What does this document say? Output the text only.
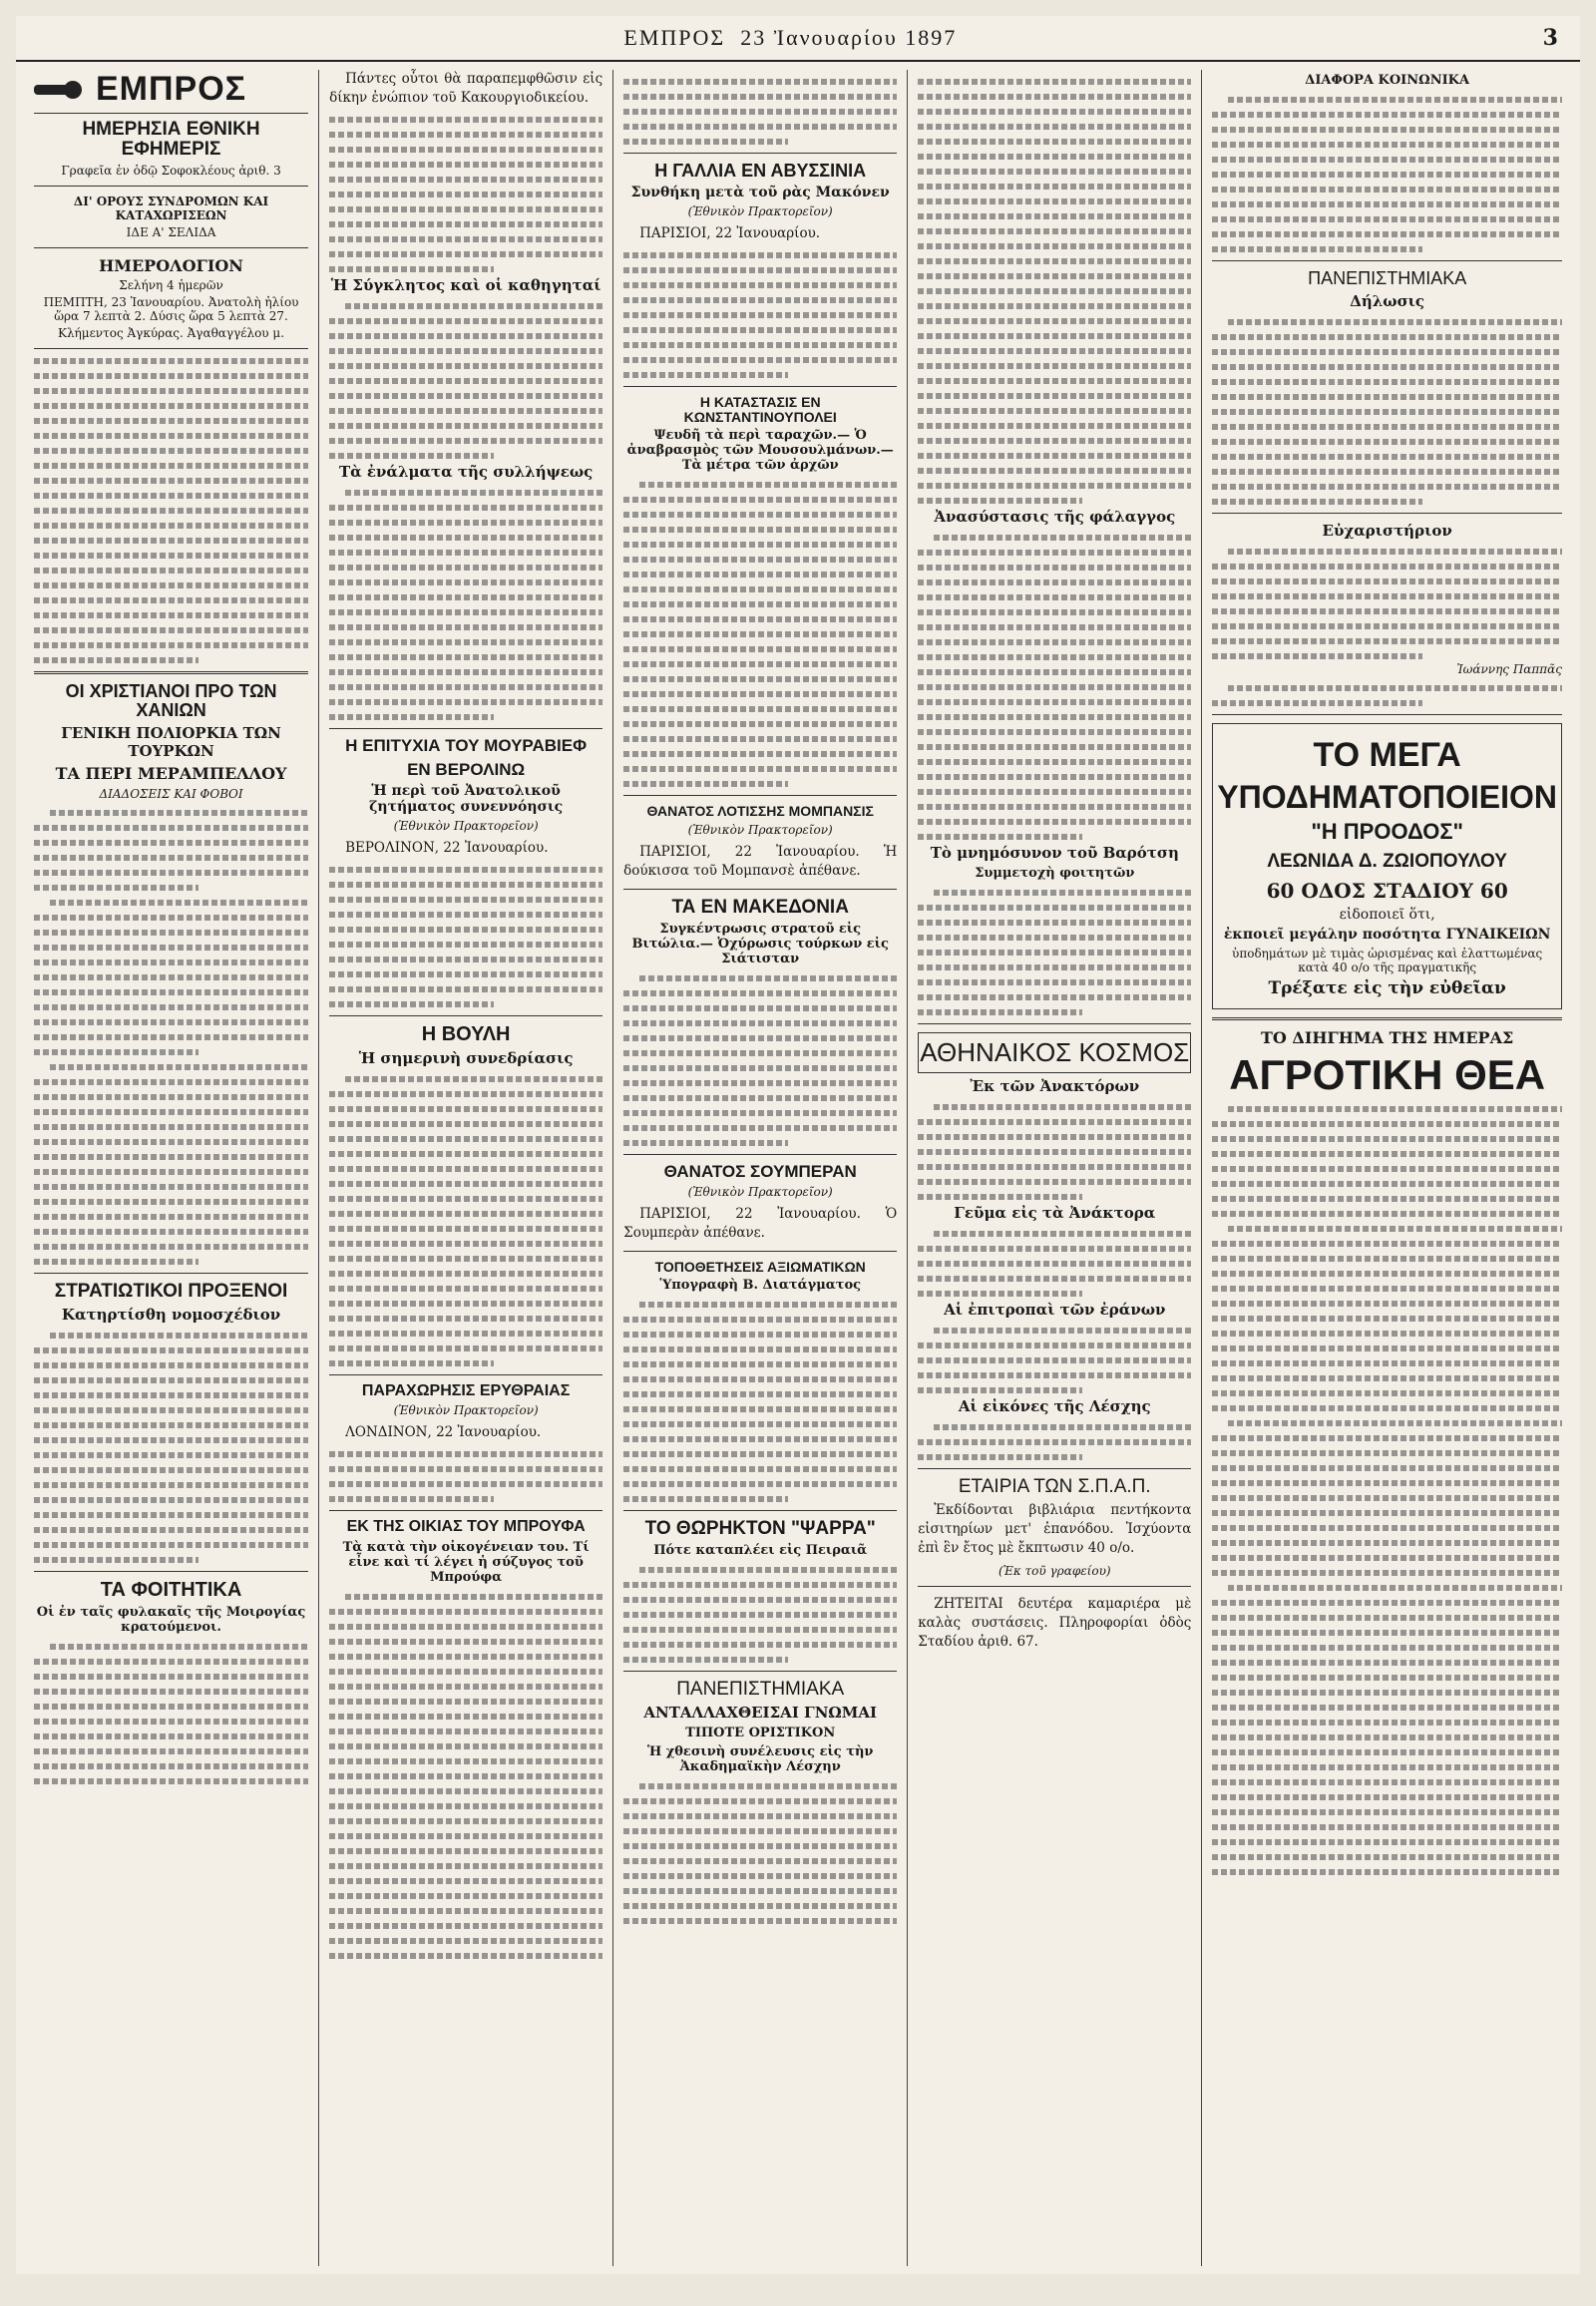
ΕΜΠΡΟΣ 23 Ἰανουαρίου 1897	3
ΕΜΠΡΟΣ
ΗΜΕΡΗΣΙΑ ΕΘΝΙΚΗ ΕΦΗΜΕΡΙΣ
Γραφεῖα ἐν ὁδῷ Σοφοκλέους ἀριθ. 3
ΔΙ' ΟΡΟΥΣ ΣΥΝΔΡΟΜΩΝ ΚΑΙ ΚΑΤΑΧΩΡΙΣΕΩΝ
ΙΔΕ Α' ΣΕΛΙΔΑ
ΗΜΕΡΟΛΟΓΙΟΝ
Σελήνη 4 ἡμερῶν
ΠΕΜΠΤΗ, 23 Ἰανουαρίου. Ἀνατολὴ ἡλίου ὥρα 7 λεπτὰ 2. Δύσις ὥρα 5 λεπτὰ 27.
Κλήμεντος Ἀγκύρας. Ἀγαθαγγέλου μ.
ΟΙ ΧΡΙΣΤΙΑΝΟΙ ΠΡΟ ΤΩΝ ΧΑΝΙΩΝ
ΓΕΝΙΚΗ ΠΟΛΙΟΡΚΙΑ ΤΩΝ ΤΟΥΡΚΩΝ
ΤΑ ΠΕΡΙ ΜΕΡΑΜΠΕΛΛΟΥ
ΔΙΑΔΟΣΕΙΣ ΚΑΙ ΦΟΒΟΙ
ΣΤΡΑΤΙΩΤΙΚΟΙ ΠΡΟΞΕΝΟΙ
Κατηρτίσθη νομοσχέδιον
ΤΑ ΦΟΙΤΗΤΙΚΑ
Οἱ ἐν ταῖς φυλακαῖς τῆς Μοιρογίας κρατούμενοι.

Πάντες οὗτοι θὰ παραπεμφθῶσιν εἰς δίκην ἐνώπιον τοῦ Κακουργιοδικείου.

Ἡ Σύγκλητος καὶ οἱ καθηγηταί
Τὰ ἐνάλματα τῆς συλλήψεως
Η ΕΠΙΤΥΧΙΑ ΤΟΥ ΜΟΥΡΑΒΙΕΦ
ΕΝ ΒΕΡΟΛΙΝΩ
Ἡ περὶ τοῦ Ἀνατολικοῦ ζητήματος συνεννόησις
(Ἐθνικὸν Πρακτορεῖον)

ΒΕΡΟΛΙΝΟΝ, 22 Ἰανουαρίου.

Η ΒΟΥΛΗ
Ἡ σημερινὴ συνεδρίασις
ΠΑΡΑΧΩΡΗΣΙΣ ΕΡΥΘΡΑΙΑΣ
(Ἐθνικὸν Πρακτορεῖον)

ΛΟΝΔΙΝΟΝ, 22 Ἰανουαρίου.

ΕΚ ΤΗΣ ΟΙΚΙΑΣ ΤΟΥ ΜΠΡΟΥΦΑ
Τὰ κατὰ τὴν οἰκογένειαν του. Τί εἶνε καὶ τί λέγει ἡ σύζυγος τοῦ Μπρούφα
Η ΓΑΛΛΙΑ ΕΝ ΑΒΥΣΣΙΝΙΑ
Συνθήκη μετὰ τοῦ ρὰς Μακόνεν
(Ἐθνικὸν Πρακτορεῖον)

ΠΑΡΙΣΙΟΙ, 22 Ἰανουαρίου.

Η ΚΑΤΑΣΤΑΣΙΣ ΕΝ ΚΩΝΣΤΑΝΤΙΝΟΥΠΟΛΕΙ
Ψευδῆ τὰ περὶ ταραχῶν.— Ὁ ἀναβρασμὸς τῶν Μουσουλμάνων.— Τὰ μέτρα τῶν ἀρχῶν
ΘΑΝΑΤΟΣ ΛΟΤΙΣΣΗΣ ΜΟΜΠΑΝΣΙΣ
(Ἐθνικὸν Πρακτορεῖον)

ΠΑΡΙΣΙΟΙ, 22 Ἰανουαρίου. Ἡ δούκισσα τοῦ Μομπανσὲ ἀπέθανε.

ΤΑ ΕΝ ΜΑΚΕΔΟΝΙΑ
Συγκέντρωσις στρατοῦ εἰς Βιτώλια.— Ὀχύρωσις τούρκων εἰς Σιάτισταν
ΘΑΝΑΤΟΣ ΣΟΥΜΠΕΡΑΝ
(Ἐθνικὸν Πρακτορεῖον)

ΠΑΡΙΣΙΟΙ, 22 Ἰανουαρίου. Ὁ Σουμπερὰν ἀπέθανε.

ΤΟΠΟΘΕΤΗΣΕΙΣ ΑΞΙΩΜΑΤΙΚΩΝ
Ὑπογραφὴ Β. Διατάγματος
ΤΟ ΘΩΡΗΚΤΟΝ "ΨΑΡΡΑ"
Πότε καταπλέει εἰς Πειραιᾶ
ΠΑΝΕΠΙΣΤΗΜΙΑΚΑ
ΑΝΤΑΛΛΑΧΘΕΙΣΑΙ ΓΝΩΜΑΙ
ΤΙΠΟΤΕ ΟΡΙΣΤΙΚΟΝ
Ἡ χθεσινὴ συνέλευσις εἰς τὴν Ἀκαδημαϊκὴν Λέσχην
Ἀνασύστασις τῆς φάλαγγος
Τὸ μνημόσυνον τοῦ Βαρότση
Συμμετοχὴ φοιτητῶν
ΑΘΗΝΑΙΚΟΣ ΚΟΣΜΟΣ
Ἐκ τῶν Ἀνακτόρων
Γεῦμα εἰς τὰ Ἀνάκτορα
Αἱ ἐπιτροπαὶ τῶν ἐράνων
Αἱ εἰκόνες τῆς Λέσχης
ΕΤΑΙΡΙΑ ΤΩΝ Σ.Π.Α.Π.

Ἐκδίδονται βιβλιάρια πεντήκοντα εἰσιτηρίων μετ' ἐπανόδου. Ἰσχύοντα ἐπὶ ἓν ἔτος μὲ ἔκπτωσιν 40 ο/ο.

(Ἐκ τοῦ γραφείου)

ΖΗΤΕΙΤΑΙ δευτέρα καμαριέρα μὲ καλὰς συστάσεις. Πληροφορίαι ὁδὸς Σταδίου ἀριθ. 67.

ΔΙΑΦΟΡΑ ΚΟΙΝΩΝΙΚΑ
ΠΑΝΕΠΙΣΤΗΜΙΑΚΑ
Δήλωσις
Εὐχαριστήριον
Ἰωάννης Παππᾶς
ΤΟ ΜΕΓΑ
ΥΠΟΔΗΜΑΤΟΠΟΙΕΙΟΝ
"Η ΠΡΟΟΔΟΣ"
ΛΕΩΝΙΔΑ Δ. ΖΩΙΟΠΟΥΛΟΥ
60 ΟΔΟΣ ΣΤΑΔΙΟΥ 60
εἰδοποιεῖ ὅτι,
ἐκποιεῖ μεγάλην ποσότητα ΓΥΝΑΙΚΕΙΩΝ
ὑποδημάτων μὲ τιμὰς ὡρισμένας καὶ ἐλαττωμένας κατὰ 40 ο/ο τῆς πραγματικῆς
Τρέξατε εἰς τὴν εὐθεῖαν
ΤΟ ΔΙΗΓΗΜΑ ΤΗΣ ΗΜΕΡΑΣ
ΑΓΡΟΤΙΚΗ ΘΕΑ
